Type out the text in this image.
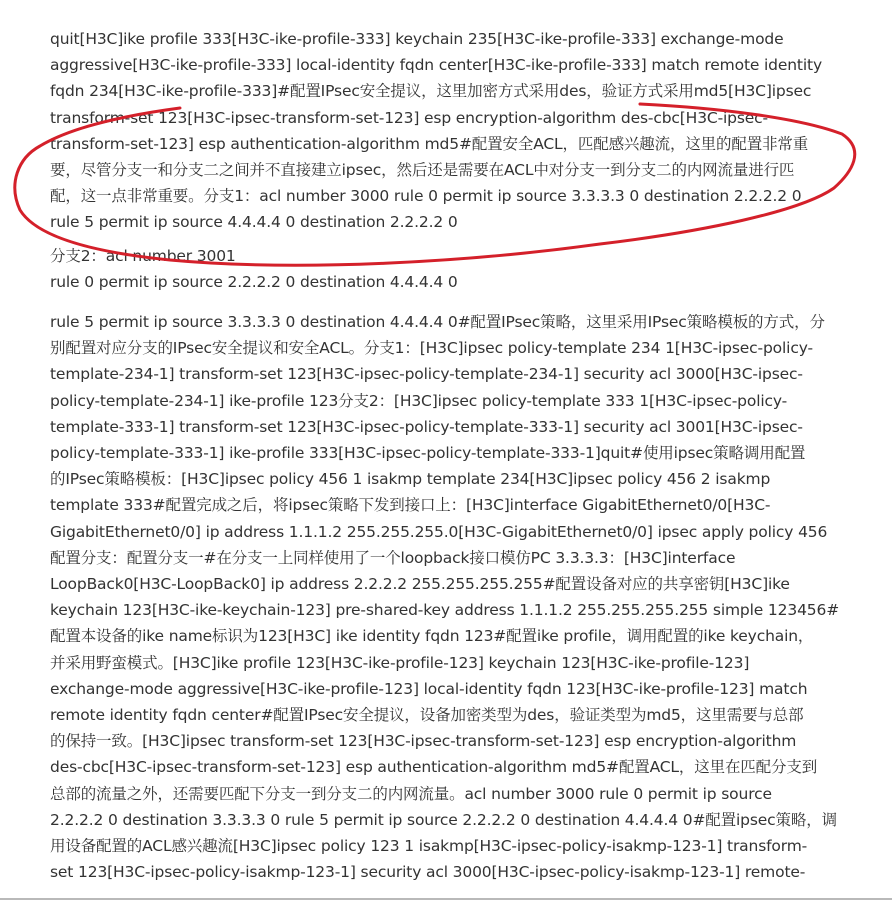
quit[H3C]ike profile 333[H3C-ike-profile-333] keychain 235[H3C-ike-profile-333] exchange-mode
aggressive[H3C-ike-profile-333] local-identity fqdn center[H3C-ike-profile-333] match remote identity
fqdn 234[H3C-ike-profile-333]#配置IPsec安全提议，这里加密方式采用des，验证方式采用md5[H3C]ipsec
transform-set 123[H3C-ipsec-transform-set-123] esp encryption-algorithm des-cbc[H3C-ipsec-
transform-set-123] esp authentication-algorithm md5#配置安全ACL，匹配感兴趣流，这里的配置非常重
要，尽管分支一和分支二之间并不直接建立ipsec，然后还是需要在ACL中对分支一到分支二的内网流量进行匹
配，这一点非常重要。分支1：acl number 3000 rule 0 permit ip source 3.3.3.3 0 destination 2.2.2.2 0
rule 5 permit ip source 4.4.4.4 0 destination 2.2.2.2 0

分支2：acl number 3001
rule 0 permit ip source 2.2.2.2 0 destination 4.4.4.4 0

rule 5 permit ip source 3.3.3.3 0 destination 4.4.4.4 0#配置IPsec策略，这里采用IPsec策略模板的方式，分
别配置对应分支的IPsec安全提议和安全ACL。分支1：[H3C]ipsec policy-template 234 1[H3C-ipsec-policy-
template-234-1] transform-set 123[H3C-ipsec-policy-template-234-1] security acl 3000[H3C-ipsec-
policy-template-234-1] ike-profile 123分支2：[H3C]ipsec policy-template 333 1[H3C-ipsec-policy-
template-333-1] transform-set 123[H3C-ipsec-policy-template-333-1] security acl 3001[H3C-ipsec-
policy-template-333-1] ike-profile 333[H3C-ipsec-policy-template-333-1]quit#使用ipsec策略调用配置
的IPsec策略模板：[H3C]ipsec policy 456 1 isakmp template 234[H3C]ipsec policy 456 2 isakmp
template 333#配置完成之后，将ipsec策略下发到接口上：[H3C]interface GigabitEthernet0/0[H3C-
GigabitEthernet0/0] ip address 1.1.1.2 255.255.255.0[H3C-GigabitEthernet0/0] ipsec apply policy 456
配置分支：配置分支一#在分支一上同样使用了一个loopback接口模仿PC 3.3.3.3：[H3C]interface
LoopBack0[H3C-LoopBack0] ip address 2.2.2.2 255.255.255.255#配置设备对应的共享密钥[H3C]ike
keychain 123[H3C-ike-keychain-123] pre-shared-key address 1.1.1.2 255.255.255.255 simple 123456#
配置本设备的ike name标识为123[H3C] ike identity fqdn 123#配置ike profile，调用配置的ike keychain，
并采用野蛮模式。[H3C]ike profile 123[H3C-ike-profile-123] keychain 123[H3C-ike-profile-123]
exchange-mode aggressive[H3C-ike-profile-123] local-identity fqdn 123[H3C-ike-profile-123] match
remote identity fqdn center#配置IPsec安全提议，设备加密类型为des，验证类型为md5，这里需要与总部
的保持一致。[H3C]ipsec transform-set 123[H3C-ipsec-transform-set-123] esp encryption-algorithm
des-cbc[H3C-ipsec-transform-set-123] esp authentication-algorithm md5#配置ACL，这里在匹配分支到
总部的流量之外，还需要匹配下分支一到分支二的内网流量。acl number 3000 rule 0 permit ip source
2.2.2.2 0 destination 3.3.3.3 0 rule 5 permit ip source 2.2.2.2 0 destination 4.4.4.4 0#配置ipsec策略，调
用设备配置的ACL感兴趣流[H3C]ipsec policy 123 1 isakmp[H3C-ipsec-policy-isakmp-123-1] transform-
set 123[H3C-ipsec-policy-isakmp-123-1] security acl 3000[H3C-ipsec-policy-isakmp-123-1] remote-
